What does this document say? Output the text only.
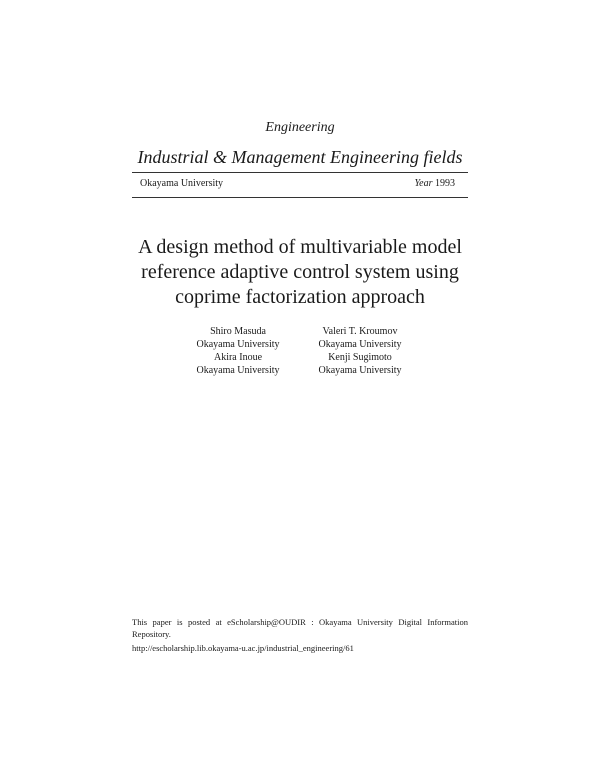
Engineering
Industrial & Management Engineering fields
Okayama University	Year 1993
A design method of multivariable model
reference adaptive control system using
coprime factorization approach
Shiro Masuda
Okayama University
Valeri T. Kroumov
Okayama University
Akira Inoue
Okayama University
Kenji Sugimoto
Okayama University
This paper is posted at eScholarship@OUDIR : Okayama University Digital Information Repository.
http://escholarship.lib.okayama-u.ac.jp/industrial_engineering/61
